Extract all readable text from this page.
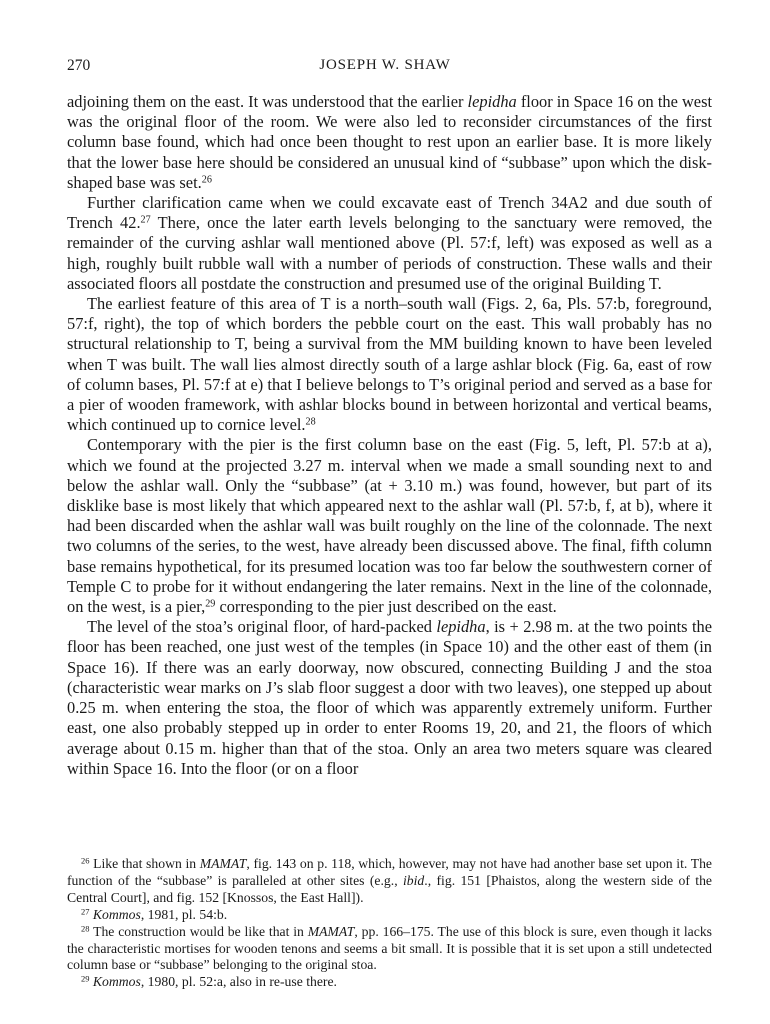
270	JOSEPH W. SHAW

adjoining them on the east. It was understood that the earlier lepidha floor in Space 16 on the west was the original floor of the room. We were also led to reconsider circumstances of the first column base found, which had once been thought to rest upon an earlier base. It is more likely that the lower base here should be considered an unusual kind of “subbase” upon which the disk-shaped base was set.$^{26}$

Further clarification came when we could excavate east of Trench 34A2 and due south of Trench 42.27 There, once the later earth levels belonging to the sanctuary were removed, the remainder of the curving ashlar wall mentioned above (Pl. 57:f, left) was exposed as well as a high, roughly built rubble wall with a number of periods of construction. These walls and their associated floors all postdate the construction and presumed use of the original Building T.

The earliest feature of this area of T is a north–south wall (Figs. 2, 6a, Pls. 57:b, foreground, 57:f, right), the top of which borders the pebble court on the east. This wall probably has no structural relationship to T, being a survival from the MM building known to have been leveled when T was built. The wall lies almost directly south of a large ashlar block (Fig. 6a, east of row of column bases, Pl. 57:f at e) that I believe belongs to T’s original period and served as a base for a pier of wooden framework, with ashlar blocks bound in between horizontal and vertical beams, which continued up to cornice level.$^{28}$

Contemporary with the pier is the first column base on the east (Fig. 5, left, Pl. 57:b at a), which we found at the projected 3.27 m. interval when we made a small sounding next to and below the ashlar wall. Only the “subbase” (at + 3.10 m.) was found, however, but part of its disklike base is most likely that which appeared next to the ashlar wall (Pl. 57:b, f, at b), where it had been discarded when the ashlar wall was built roughly on the line of the colonnade. The next two columns of the series, to the west, have already been discussed above. The final, fifth column base remains hypothetical, for its presumed location was too far below the southwestern corner of Temple C to probe for it without endangering the later remains. Next in the line of the colonnade, on the west, is a pier,$^{29}$ corresponding to the pier just described on the east.

The level of the stoa’s original floor, of hard-packed lepidha, is + 2.98 m. at the two points the floor has been reached, one just west of the temples (in Space 10) and the other east of them (in Space 16). If there was an early doorway, now obscured, connecting Building J and the stoa (characteristic wear marks on J’s slab floor suggest a door with two leaves), one stepped up about 0.25 m. when entering the stoa, the floor of which was apparently extremely uniform. Further east, one also probably stepped up in order to enter Rooms 19, 20, and 21, the floors of which average about 0.15 m. higher than that of the stoa. Only an area two meters square was cleared within Space 16. Into the floor (or on a floor

$^{26}$ Like that shown in MAMAT, fig. 143 on p. 118, which, however, may not have had another base set upon it. The function of the “subbase” is paralleled at other sites (e.g., ibid., fig. 151 [Phaistos, along the western side of the Central Court], and fig. 152 [Knossos, the East Hall]).

$^{27}$ Kommos, 1981, pl. 54:b.

$^{28}$ The construction would be like that in MAMAT, pp. 166–175. The use of this block is sure, even though it lacks the characteristic mortises for wooden tenons and seems a bit small. It is possible that it is set upon a still undetected column base or “subbase” belonging to the original stoa.

$^{29}$ Kommos, 1980, pl. 52:a, also in re-use there.
